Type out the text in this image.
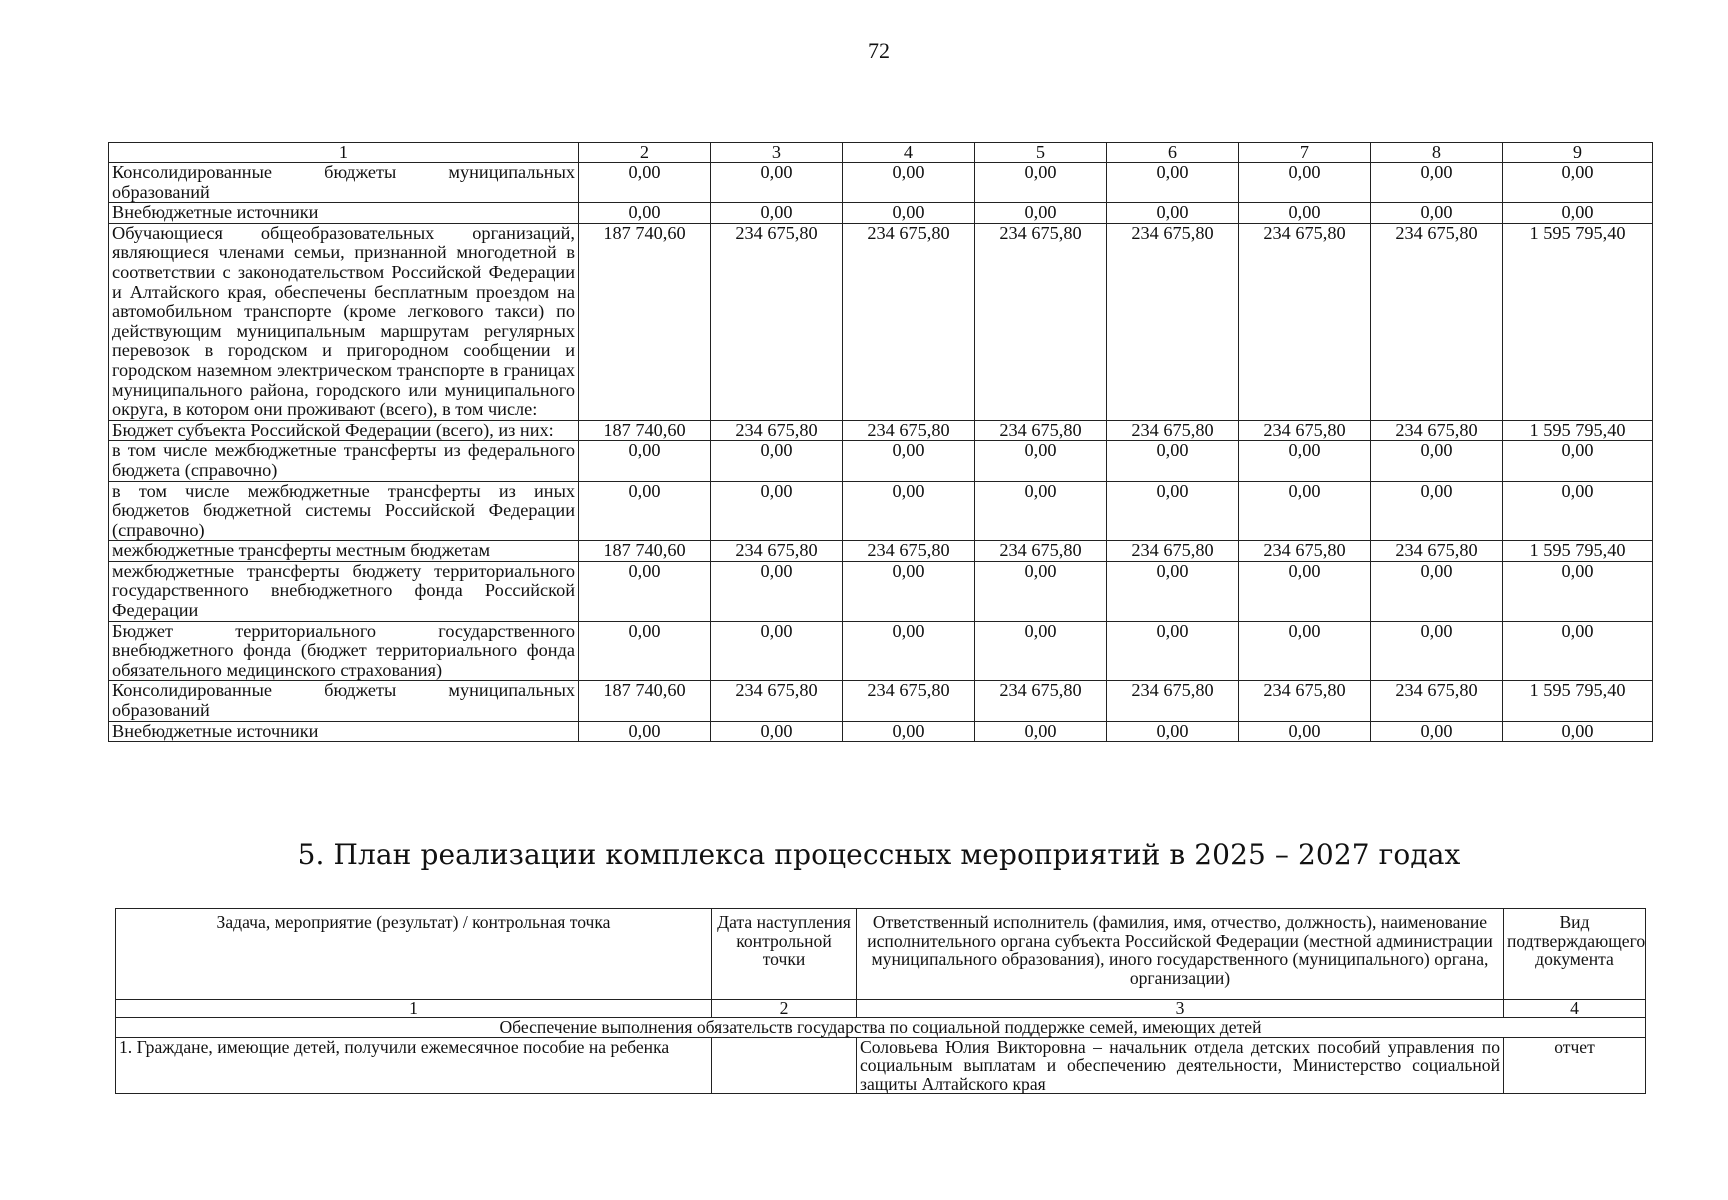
72
1	2	3	4	5	6	7	8	9
Консолидированные бюджеты муниципальных образований	0,00	0,00	0,00	0,00	0,00	0,00	0,00	0,00
Внебюджетные источники	0,00	0,00	0,00	0,00	0,00	0,00	0,00	0,00
Обучающиеся общеобразовательных организаций, являющиеся членами семьи, признанной многодетной в соответствии с законодательством Российской Федерации и Алтайского края, обеспечены бесплатным проездом на автомобильном транспорте (кроме легкового такси) по действующим муниципальным маршрутам регулярных перевозок в городском и пригородном сообщении и городском наземном электрическом транспорте в границах муниципального района, городского или муниципального округа, в котором они проживают (всего), в том числе:	187 740,60	234 675,80	234 675,80	234 675,80	234 675,80	234 675,80	234 675,80	1 595 795,40
Бюджет субъекта Российской Федерации (всего), из них:	187 740,60	234 675,80	234 675,80	234 675,80	234 675,80	234 675,80	234 675,80	1 595 795,40
в том числе межбюджетные трансферты из федерального бюджета (справочно)	0,00	0,00	0,00	0,00	0,00	0,00	0,00	0,00
в том числе межбюджетные трансферты из иных бюджетов бюджетной системы Российской Федерации (справочно)	0,00	0,00	0,00	0,00	0,00	0,00	0,00	0,00
межбюджетные трансферты местным бюджетам	187 740,60	234 675,80	234 675,80	234 675,80	234 675,80	234 675,80	234 675,80	1 595 795,40
межбюджетные трансферты бюджету территориального государственного внебюджетного фонда Российской Федерации	0,00	0,00	0,00	0,00	0,00	0,00	0,00	0,00
Бюджет территориального государственного внебюджетного фонда (бюджет территориального фонда обязательного медицинского страхования)	0,00	0,00	0,00	0,00	0,00	0,00	0,00	0,00
Консолидированные бюджеты муниципальных образований	187 740,60	234 675,80	234 675,80	234 675,80	234 675,80	234 675,80	234 675,80	1 595 795,40
Внебюджетные источники	0,00	0,00	0,00	0,00	0,00	0,00	0,00	0,00
5. План реализации комплекса процессных мероприятий в 2025 – 2027 годах
Задача, мероприятие (результат) / контрольная точка	Дата наступления контрольной точки	Ответственный исполнитель (фамилия, имя, отчество, должность), наименование исполнительного органа субъекта Российской Федерации (местной администрации муниципального образования), иного государственного (муниципального) органа, организации)	Вид подтверждающего документа
1	2	3	4
Обеспечение выполнения обязательств государства по социальной поддержке семей, имеющих детей			
1. Граждане, имеющие детей, получили ежемесячное пособие на ребенка		Соловьева Юлия Викторовна – начальник отдела детских пособий управления по социальным выплатам и обеспечению деятельности, Министерство социальной защиты Алтайского края	отчет
